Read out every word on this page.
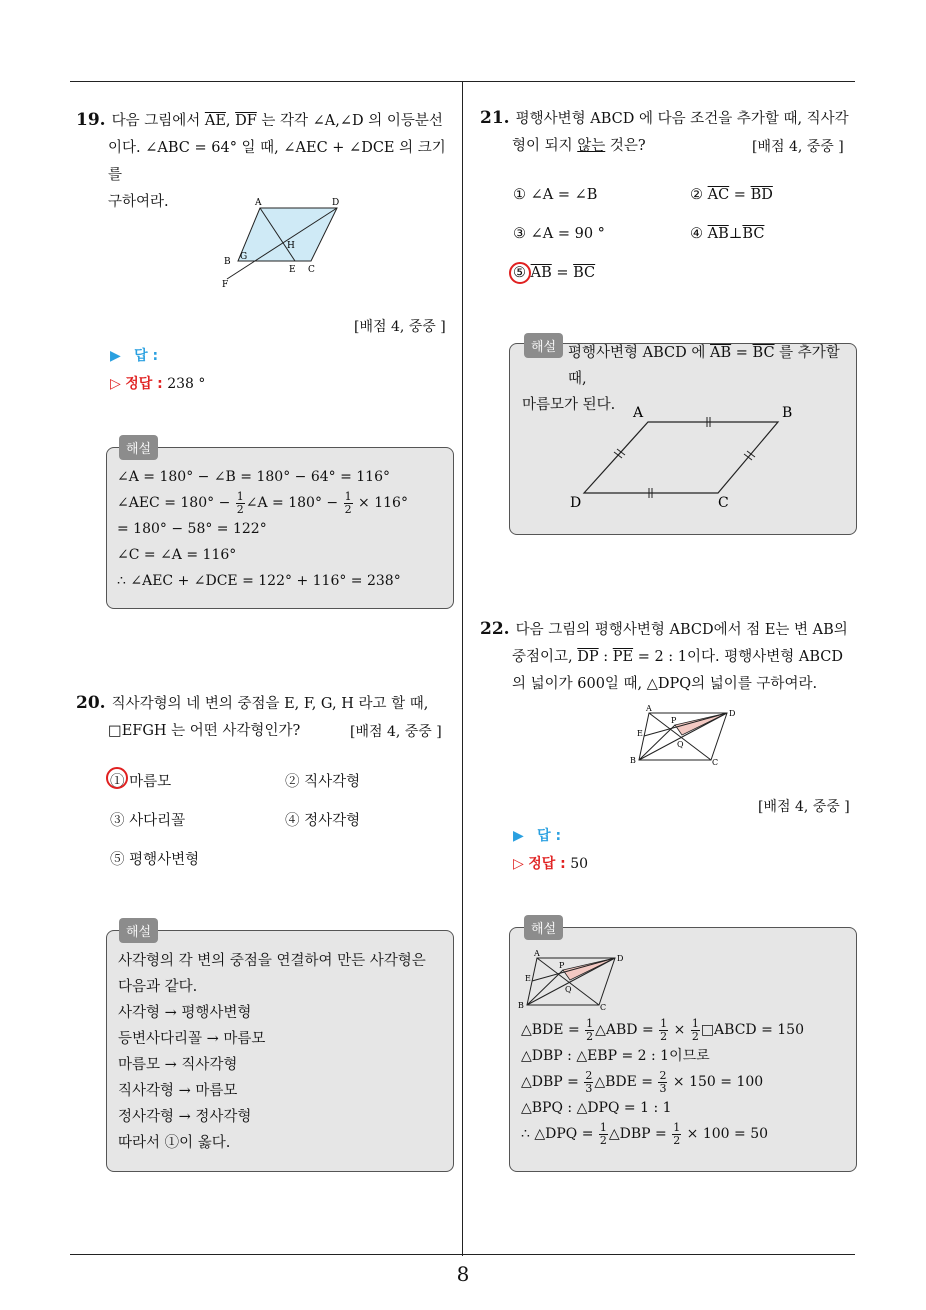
8
19. 다음 그림에서 $\overline{AE}$, $\overline{DF}$ 는 각각 ∠A,∠D 의 이등분선
이다. ∠ABC = 64° 일 때, ∠AEC + ∠DCE 의 크기를
구하여라.	A	D
B G
H
E C
F
[배점 4, 중중 ]
▶ 답 :
▷ 정답 : 238 °
해설
∠A = 180° − ∠B = 180° − 64° = 116°
∠AEC = $180^\circ - \frac{1}{2}$ ∠A = $180^\circ - \frac{1}{2} \times 116^\circ$
= 180° − 58° = 122°
∠C = ∠A = 116°
∴ ∠AEC + ∠DCE = 122° + 116° = 238°
20. 직사각형의 네 변의 중점을 E, F, G, H 라고 할 때,
□EFGH 는 어떤 사각형인가?	[배점 4, 중중 ]
① 마름모	② 직사각형
③ 사다리꼴	④ 정사각형
⑤ 평행사변형
해설
사각형의 각 변의 중점을 연결하여 만든 사각형은
다음과 같다.
사각형 → 평행사변형
등변사다리꼴 → 마름모
마름모 → 직사각형
직사각형 → 마름모
정사각형 → 정사각형
따라서 ①이 옳다.
21. 평행사변형 ABCD 에 다음 조건을 추가할 때, 직사각
형이 되지 않는 것은?	[배점 4, 중중 ]
① ∠A = ∠B	② $\overline{AC} = \overline{BD}$
③ ∠A = 90 °	④ $\overline{AB}\perp\overline{BC}$
⑤ $\overline{AB} = \overline{BC}$
해설 평행사변형 ABCD 에 $\overline{AB} = \overline{BC}$ 를 추가할 때,
마름모가 된다.	A	B
C
D
22. 다음 그림의 평행사변형 ABCD에서 점 E는 변 AB의
중점이고, $\overline{DP}$ : $\overline{PE} = 2$ : 1이다. 평행사변형 ABCD
의 넓이가 600일 때, △DPQ의 넓이를 구하여라.
A
D
P
E
Q
B	C
[배점 4, 중중 ]
▶ 답 :
▷ 정답 : 50
해설
A
D
P
E
Q
B	C
△BDE = $\frac{1}{2}$ △ABD = $\frac{1}{2} \times \frac{1}{2}$ □ABCD = 150
△DBP : △EBP = 2 : 1이므로
△DBP = $\frac{2}{3}$ △BDE = $\frac{2}{3} \times 150 = 100$
△BPQ : △DPQ = 1 : 1
∴ △DPQ = $\frac{1}{2}$ △DBP = $\frac{1}{2} \times 100 = 50$
